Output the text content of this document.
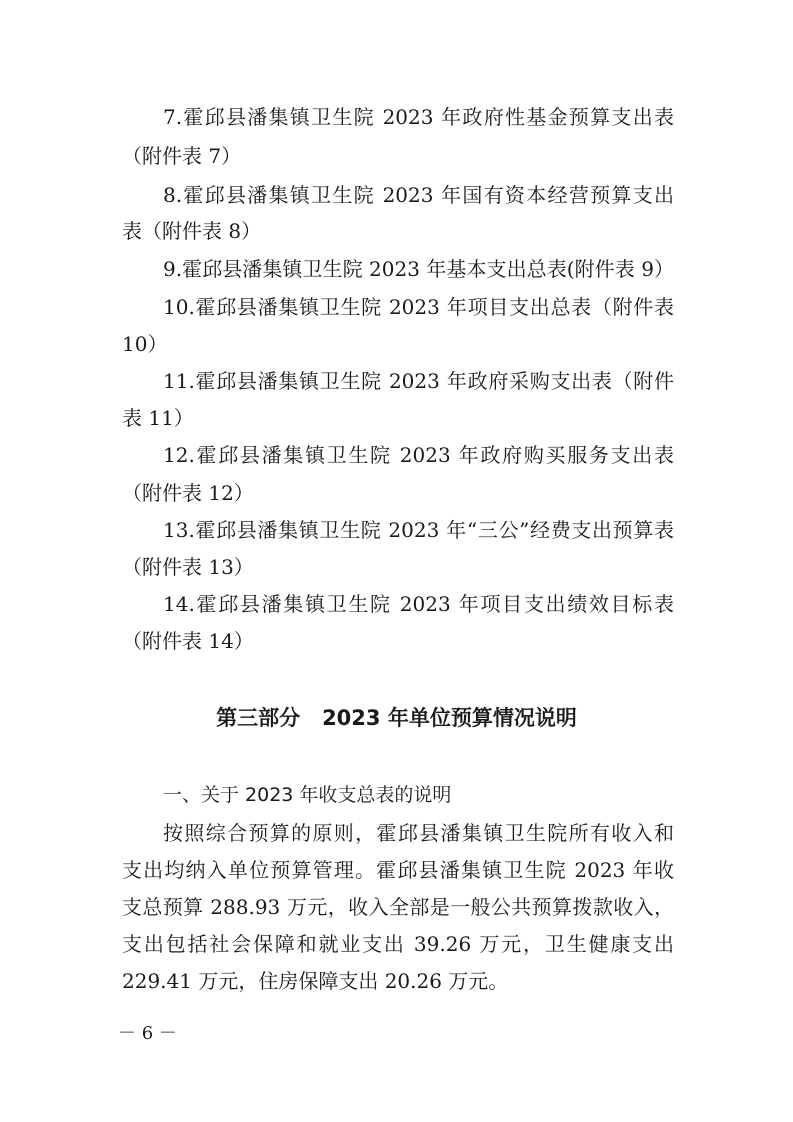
7.霍邱县潘集镇卫生院 2023 年政府性基金预算支出表
（附件表 7）
8.霍邱县潘集镇卫生院 2023 年国有资本经营预算支出
表（附件表 8）
9.霍邱县潘集镇卫生院 2023 年基本支出总表(附件表 9）
10.霍邱县潘集镇卫生院 2023 年项目支出总表（附件表
10）
11.霍邱县潘集镇卫生院 2023 年政府采购支出表（附件
表 11）
12.霍邱县潘集镇卫生院 2023 年政府购买服务支出表
（附件表 12）
13.霍邱县潘集镇卫生院 2023 年“三公”经费支出预算表
（附件表 13）
14.霍邱县潘集镇卫生院 2023 年项目支出绩效目标表
（附件表 14）
第三部分   2023 年单位预算情况说明
一、关于 2023 年收支总表的说明
按照综合预算的原则，霍邱县潘集镇卫生院所有收入和
支出均纳入单位预算管理。霍邱县潘集镇卫生院 2023 年收
支总预算 288.93 万元，收入全部是一般公共预算拨款收入，
支出包括社会保障和就业支出 39.26 万元，卫生健康支出
229.41 万元，住房保障支出 20.26 万元。
－ 6 －
